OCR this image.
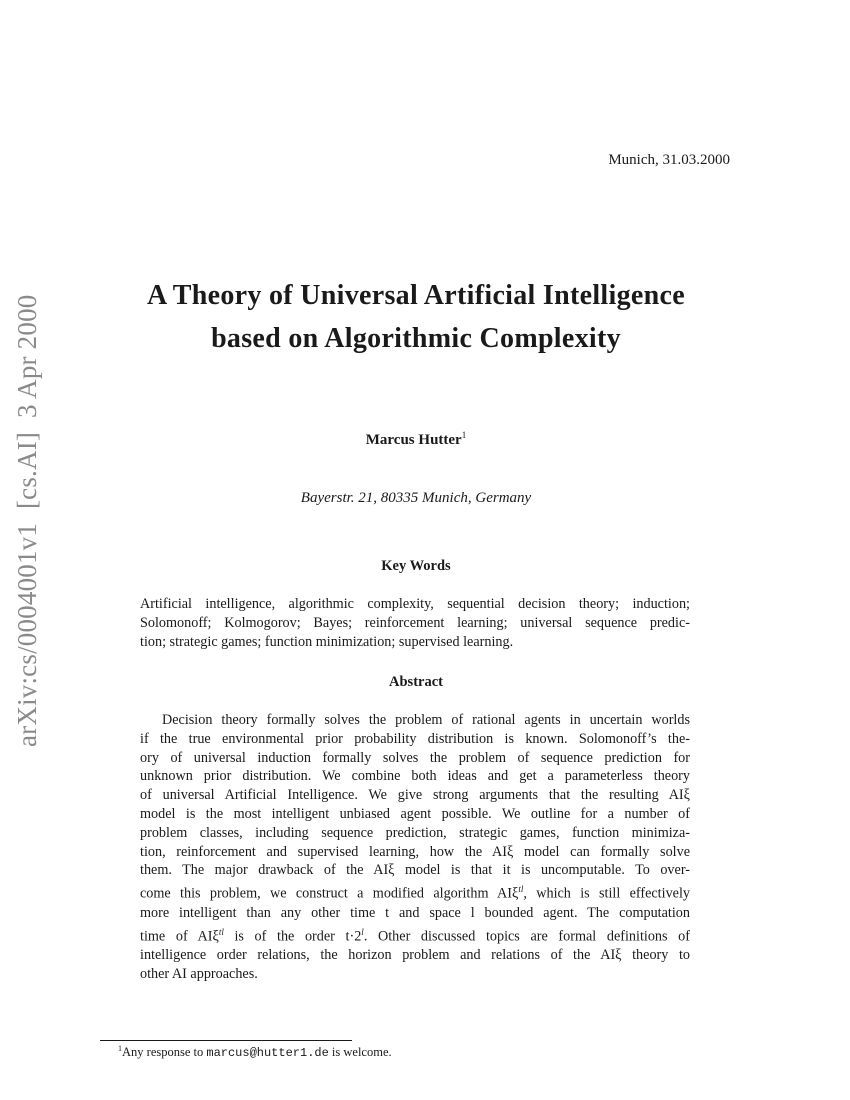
Munich, 31.03.2000
arXiv:cs/0004001v1  [cs.AI]  3 Apr 2000	A Theory of Universal Artificial Intelligence
based on Algorithmic Complexity
Marcus Hutter$^1$
Bayerstr. 21, 80335 Munich, Germany
Key Words
Artificial intelligence, algorithmic complexity, sequential decision theory; induction;
Solomonoff; Kolmogorov; Bayes; reinforcement learning; universal sequence predic-
tion; strategic games; function minimization; supervised learning.
Abstract
Decision theory formally solves the problem of rational agents in uncertain worlds
if the true environmental prior probability distribution is known. Solomonoff’s the-
ory of universal induction formally solves the problem of sequence prediction for
unknown prior distribution. We combine both ideas and get a parameterless theory
of universal Artificial Intelligence. We give strong arguments that the resulting AIξ
model is the most intelligent unbiased agent possible. We outline for a number of
problem classes, including sequence prediction, strategic games, function minimiza-
tion, reinforcement and supervised learning, how the AIξ model can formally solve
them. The major drawback of the AIξ model is that it is uncomputable. To over-
come this problem, we construct a modified algorithm AIξ$^{tl}$, which is still effectively
more intelligent than any other time t and space l bounded agent. The computation
time of AIξ$^{tl}$ is of the order $t\cdot 2^l$. Other discussed topics are formal definitions of
intelligence order relations, the horizon problem and relations of the AIξ theory to
other AI approaches.
$^1$Any response to marcus@hutter1.de is welcome.
